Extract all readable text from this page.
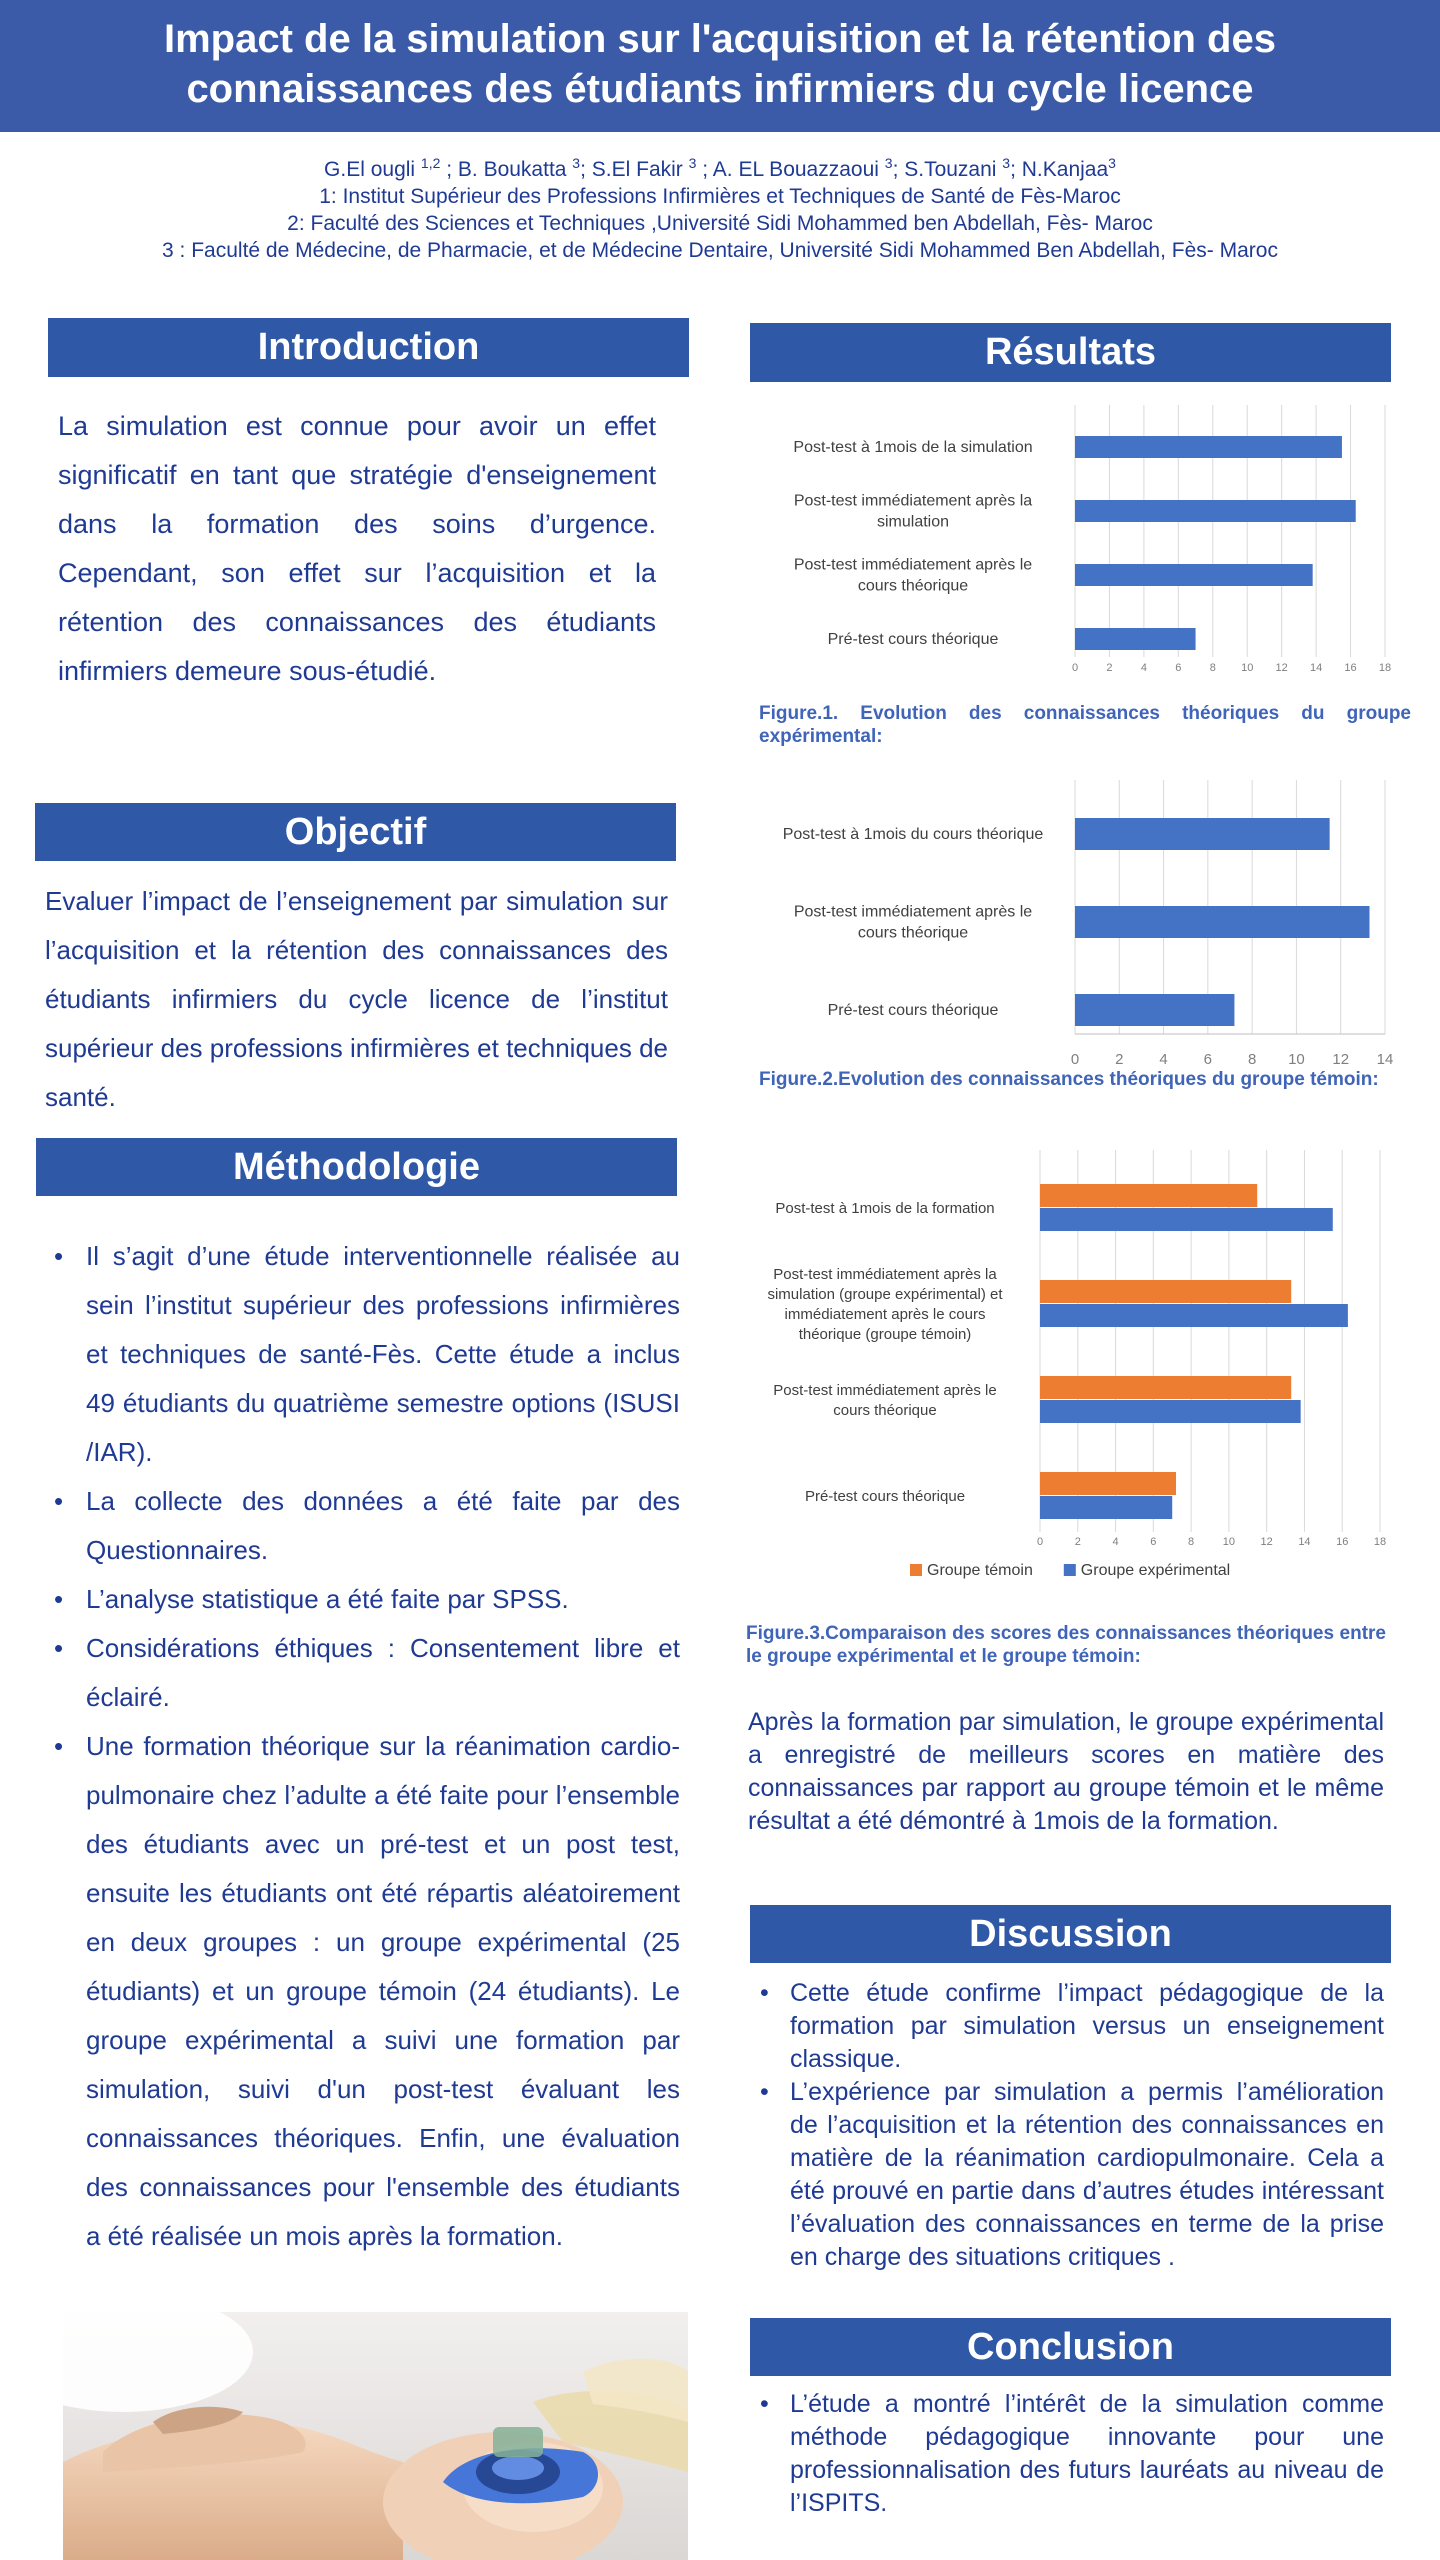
Impact de la simulation sur l'acquisition et la rétention des
connaissances des étudiants infirmiers du cycle licence
G.El ougli $^{1,2}$ ; B. Boukatta $^3$; S.El Fakir $^3$ ; A. EL Bouazzaoui $^3$; S.Touzani $^3$; N.Kanjaa$^3$
1: Institut Supérieur des Professions Infirmières et Techniques de Santé de Fès-Maroc
2: Faculté des Sciences et Techniques ,Université Sidi Mohammed ben Abdellah, Fès- Maroc
3 : Faculté de Médecine, de Pharmacie, et de Médecine Dentaire, Université Sidi Mohammed Ben Abdellah, Fès- Maroc
Introduction
La simulation est connue pour avoir un effet significatif en tant que stratégie d'enseignement dans la formation des soins d’urgence. Cependant, son effet sur l’acquisition et la rétention des connaissances des étudiants infirmiers demeure sous-étudié.
Objectif
Evaluer l’impact de l’enseignement par simulation sur l’acquisition et la rétention des connaissances des étudiants infirmiers du cycle licence de l’institut supérieur des professions infirmières et techniques de santé.
Méthodologie
• Il s’agit d’une étude interventionnelle réalisée au sein l’institut supérieur des professions infirmières et techniques de santé-Fès. Cette étude a inclus 49 étudiants du quatrième semestre options (ISUSI /IAR).
• La collecte des données a été faite par des Questionnaires.
• L’analyse statistique a été faite par SPSS.
• Considérations éthiques : Consentement libre et éclairé.
• Une formation théorique sur la réanimation cardio-pulmonaire chez l’adulte a été faite pour l’ensemble des étudiants avec un pré-test et un post test, ensuite les étudiants ont été répartis aléatoirement en deux groupes : un groupe expérimental (25 étudiants) et un groupe témoin (24 étudiants). Le groupe expérimental a suivi une formation par simulation, suivi d'un post-test évaluant les connaissances théoriques. Enfin, une évaluation des connaissances pour l'ensemble des étudiants a été réalisée un mois après la formation.
Résultats
0	2	4	6	8 10 12 14 16 18
Post-test à 1mois de la simulation
Post-test immédiatement après la simulation
Post-test immédiatement après le cours théorique
Pré-test cours théorique
Figure.1. Evolution des connaissances théoriques du groupe expérimental:
0 2 4 6 8 10 12 14
Post-test à 1mois du cours théorique
Post-test immédiatement après le cours théorique
Pré-test cours théorique
Figure.2.Evolution des connaissances théoriques du groupe témoin:
0	2	4	6	8	10 12 14 16 18
Post-test à 1mois de la formation
Post-test immédiatement après la simulation (groupe expérimental) et immédiatement après le cours théorique (groupe témoin)
Post-test immédiatement après le cours théorique
Pré-test cours théorique
Groupe témoin	Groupe expérimental
Figure.3.Comparaison des scores des connaissances théoriques entre le groupe expérimental et le groupe témoin:
Après la formation par simulation, le groupe expérimental a enregistré de meilleurs scores en matière des connaissances par rapport au groupe témoin et le même résultat a été démontré à 1mois de la formation.
Discussion
• Cette étude confirme l’impact pédagogique de la formation par simulation versus un enseignement classique.
• L’expérience par simulation a permis l’amélioration de l’acquisition et la rétention des connaissances en matière de la réanimation cardiopulmonaire. Cela a été prouvé en partie dans d’autres études intéressant l’évaluation des connaissances en terme de la prise en charge des situations critiques .
Conclusion
• L’étude a montré l’intérêt de la simulation comme méthode pédagogique innovante pour une professionnalisation des futurs lauréats au niveau de l’ISPITS.
